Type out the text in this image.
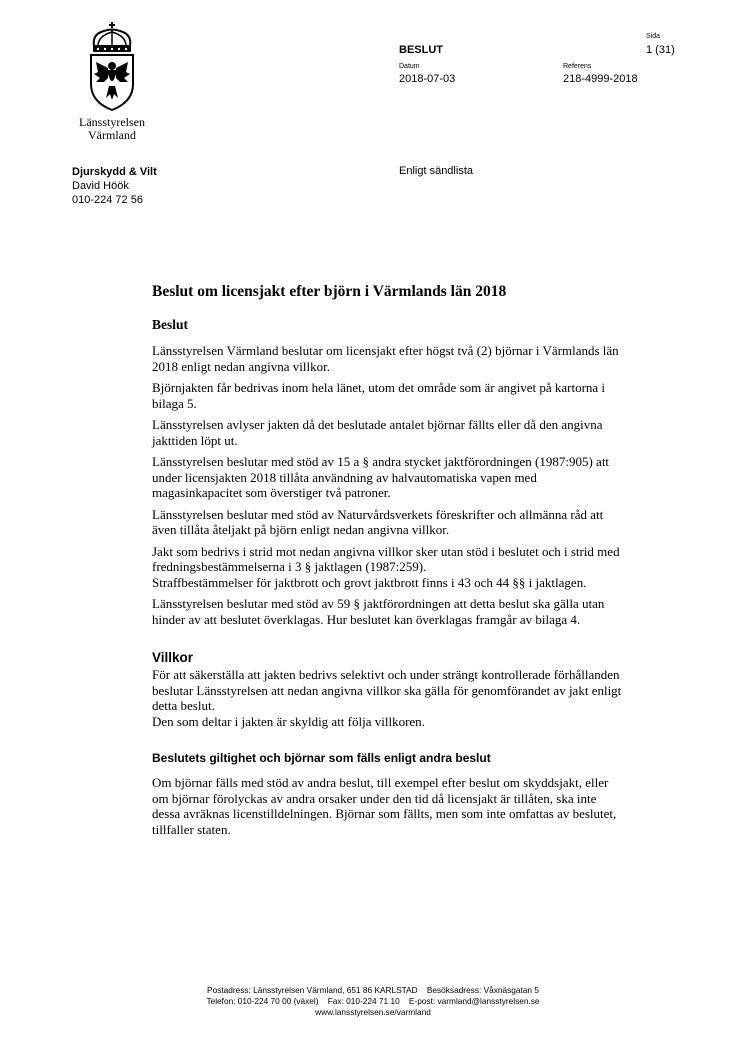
Länsstyrelsen
Värmland
BESLUT
Sida
1 (31)
Datum
2018-07-03
Referens
218-4999-2018
Djurskydd & Vilt
David Höök
010-224 72 56
Enligt sändlista
Beslut om licensjakt efter björn i Värmlands län 2018
Beslut

Länsstyrelsen Värmland beslutar om licensjakt efter högst två (2) björnar i Värmlands län 2018 enligt nedan angivna villkor.

Björnjakten får bedrivas inom hela länet, utom det område som är angivet på kartorna i bilaga 5.

Länsstyrelsen avlyser jakten då det beslutade antalet björnar fällts eller då den angivna jakttiden löpt ut.

Länsstyrelsen beslutar med stöd av 15 a § andra stycket jaktförordningen (1987:905) att under licensjakten 2018 tillåta användning av halvautomatiska vapen med magasinkapacitet som överstiger två patroner.

Länsstyrelsen beslutar med stöd av Naturvårdsverkets föreskrifter och allmänna råd att även tillåta åteljakt på björn enligt nedan angivna villkor.

Jakt som bedrivs i strid mot nedan angivna villkor sker utan stöd i beslutet och i strid med fredningsbestämmelserna i 3 § jaktlagen (1987:259).
Straffbestämmelser för jaktbrott och grovt jaktbrott finns i 43 och 44 §§ i jaktlagen.

Länsstyrelsen beslutar med stöd av 59 § jaktförordningen att detta beslut ska gälla utan hinder av att beslutet överklagas. Hur beslutet kan överklagas framgår av bilaga 4.

Villkor

För att säkerställa att jakten bedrivs selektivt och under strängt kontrollerade förhållanden beslutar Länsstyrelsen att nedan angivna villkor ska gälla för genomförandet av jakt enligt detta beslut.
Den som deltar i jakten är skyldig att följa villkoren.

Beslutets giltighet och björnar som fälls enligt andra beslut

Om björnar fälls med stöd av andra beslut, till exempel efter beslut om skyddsjakt, eller om björnar förolyckas av andra orsaker under den tid då licensjakt är tillåten, ska inte dessa avräknas licenstilldelningen. Björnar som fällts, men som inte omfattas av beslutet, tillfaller staten.

Postadress: Länsstyrelsen Värmland, 651 86 KARLSTAD    Besöksadress: Våxnäsgatan 5
Telefon: 010-224 70 00 (växel)    Fax: 010-224 71 10    E-post: varmland@lansstyrelsen.se
www.lansstyrelsen.se/varmland
